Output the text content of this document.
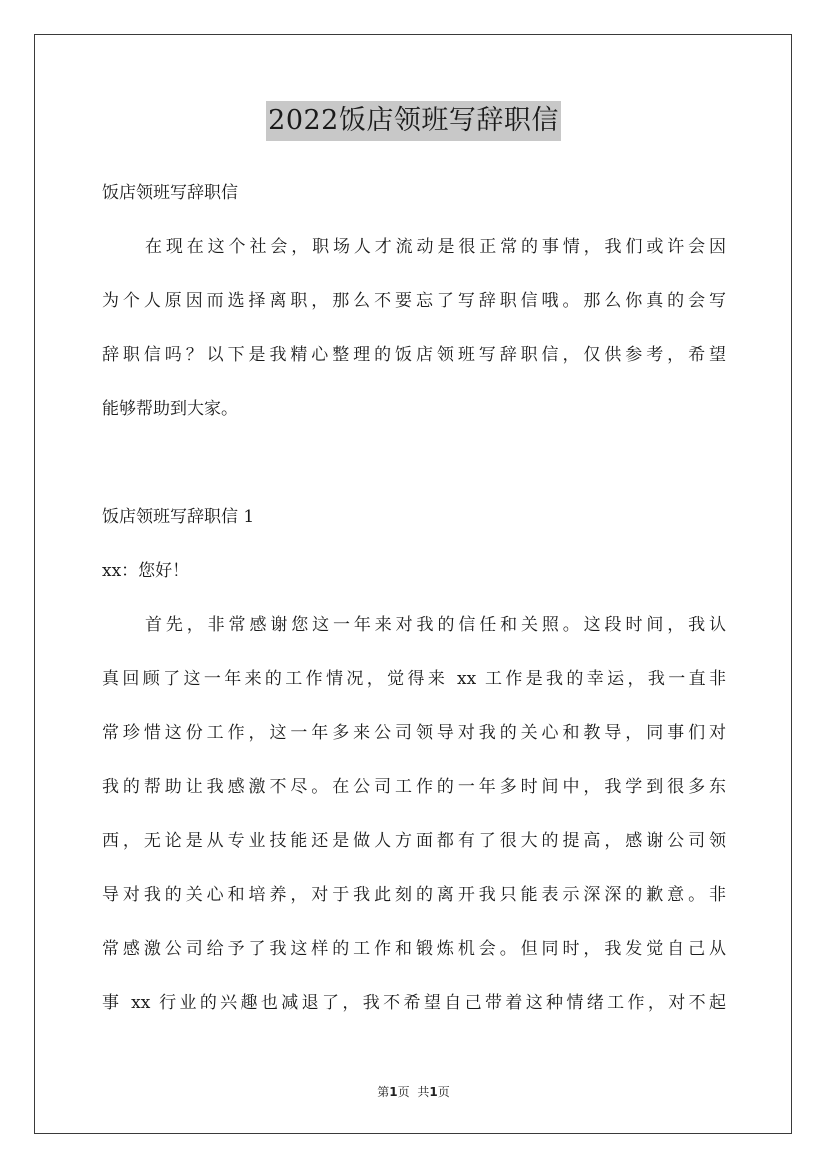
2022饭店领班写辞职信
饭店领班写辞职信
在现在这个社会，职场人才流动是很正常的事情，我们或许会因
为个人原因而选择离职，那么不要忘了写辞职信哦。那么你真的会写
辞职信吗？以下是我精心整理的饭店领班写辞职信，仅供参考，希望
能够帮助到大家。
饭店领班写辞职信 1
xx：您好！
首先，非常感谢您这一年来对我的信任和关照。这段时间，我认
真回顾了这一年来的工作情况，觉得来 xx 工作是我的幸运，我一直非
常珍惜这份工作，这一年多来公司领导对我的关心和教导，同事们对
我的帮助让我感激不尽。在公司工作的一年多时间中，我学到很多东
西，无论是从专业技能还是做人方面都有了很大的提高，感谢公司领
导对我的关心和培养，对于我此刻的离开我只能表示深深的歉意。非
常感激公司给予了我这样的工作和锻炼机会。但同时，我发觉自己从
事 xx 行业的兴趣也减退了，我不希望自己带着这种情绪工作，对不起
第1页 共1页
